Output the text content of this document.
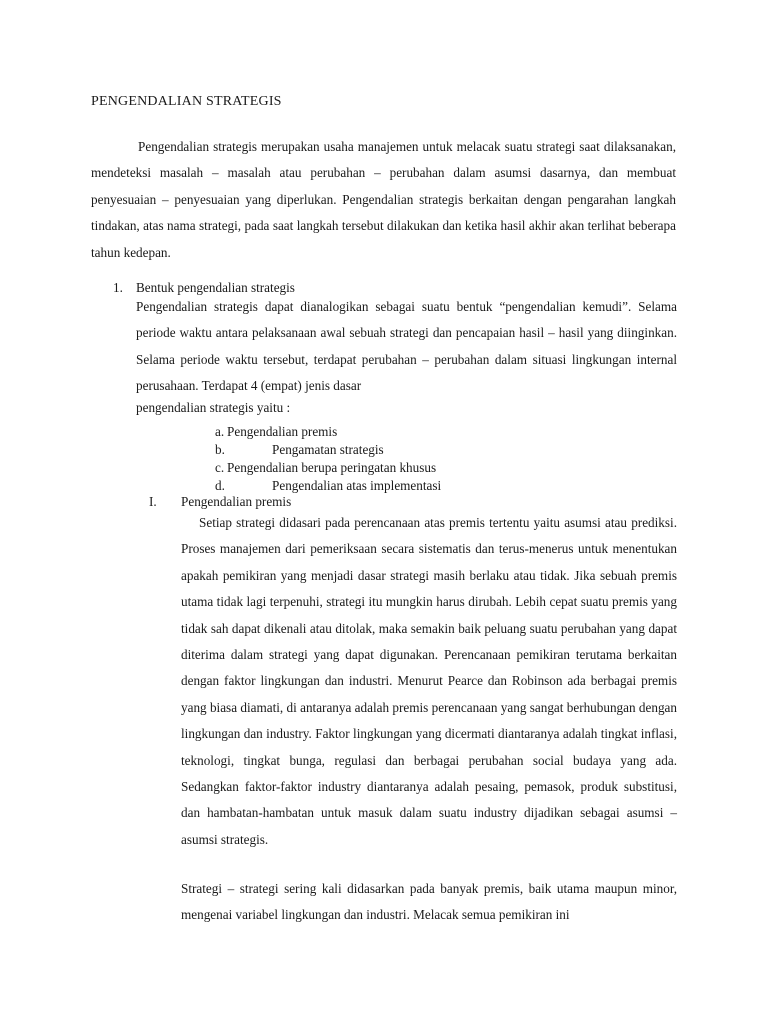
PENGENDALIAN STRATEGIS
Pengendalian strategis merupakan usaha manajemen untuk melacak suatu strategi saat dilaksanakan, mendeteksi masalah – masalah atau perubahan – perubahan dalam asumsi dasarnya, dan membuat penyesuaian – penyesuaian yang diperlukan. Pengendalian strategis berkaitan dengan pengarahan langkah tindakan, atas nama strategi, pada saat langkah tersebut dilakukan dan ketika hasil akhir akan terlihat beberapa tahun kedepan.
1. Bentuk pengendalian strategis
Pengendalian strategis dapat dianalogikan sebagai suatu bentuk “pengendalian kemudi”. Selama periode waktu antara pelaksanaan awal sebuah strategi dan pencapaian hasil – hasil yang diinginkan. Selama periode waktu tersebut, terdapat perubahan – perubahan dalam situasi lingkungan internal perusahaan. Terdapat 4 (empat) jenis dasar
pengendalian strategis yaitu :
a. Pengendalian premis
b.	Pengamatan strategis
c. Pengendalian berupa peringatan khusus
d.	Pengendalian atas implementasi
I. Pengendalian premis
Setiap strategi didasari pada perencanaan atas premis tertentu yaitu asumsi atau prediksi. Proses manajemen dari pemeriksaan secara sistematis dan terus-menerus untuk menentukan apakah pemikiran yang menjadi dasar strategi masih berlaku atau tidak. Jika sebuah premis utama tidak lagi terpenuhi, strategi itu mungkin harus dirubah. Lebih cepat suatu premis yang tidak sah dapat dikenali atau ditolak, maka semakin baik peluang suatu perubahan yang dapat diterima dalam strategi yang dapat digunakan. Perencanaan pemikiran terutama berkaitan dengan faktor lingkungan dan industri. Menurut Pearce dan Robinson ada berbagai premis yang biasa diamati, di antaranya adalah premis perencanaan yang sangat berhubungan dengan lingkungan dan industry. Faktor lingkungan yang dicermati diantaranya adalah tingkat inflasi, teknologi, tingkat bunga, regulasi dan berbagai perubahan social budaya yang ada. Sedangkan faktor-faktor industry diantaranya adalah pesaing, pemasok, produk substitusi, dan hambatan-hambatan untuk masuk dalam suatu industry dijadikan sebagai asumsi – asumsi strategis.
Strategi – strategi sering kali didasarkan pada banyak premis, baik utama maupun minor, mengenai variabel lingkungan dan industri. Melacak semua pemikiran ini
